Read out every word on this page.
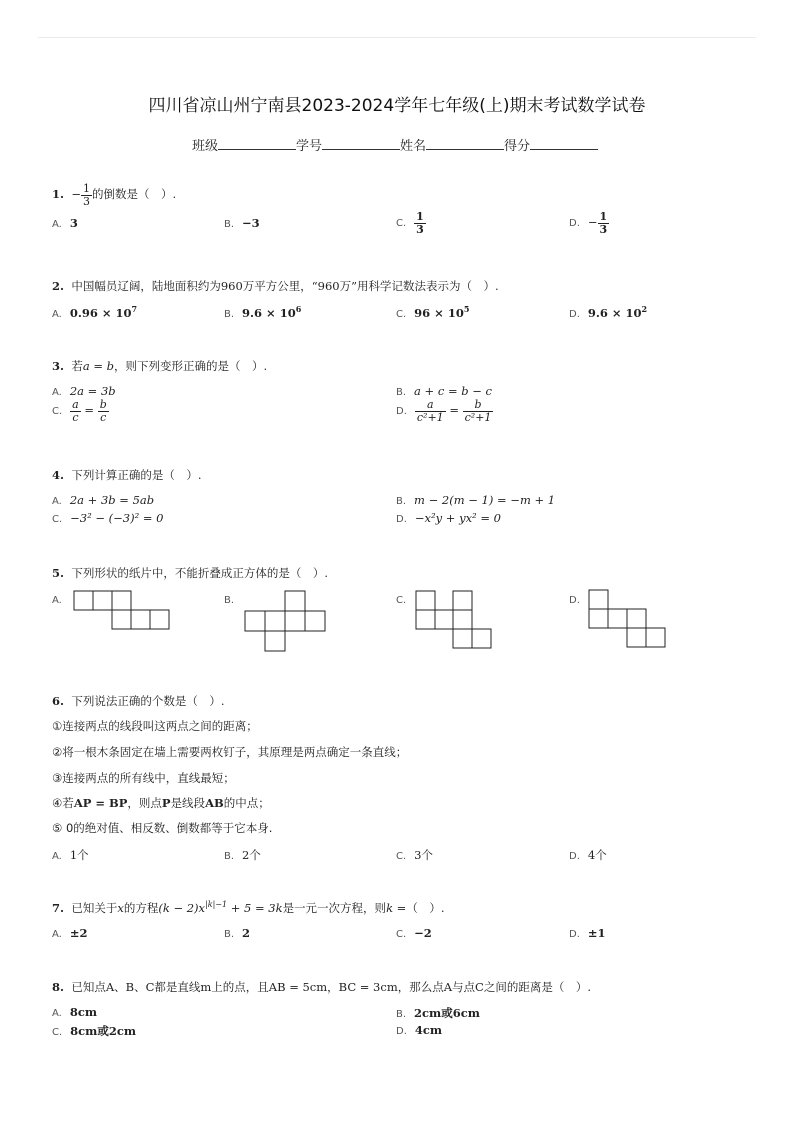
四川省凉山州宁南县2023-2024学年七年级(上)期末考试数学试卷
班级	学号	姓名	得分
1.  − $\frac{1}{3}$ 的倒数是（　）.
A. 3	B. −3	C. $\frac{1}{3}$	D. − $\frac{1}{3}$
2. 中国幅员辽阔，陆地面积约为960万平方公里，“960万”用科学记数法表示为（　）.
A. $0.96 \times 10^7$	B. $9.6 \times 10^6$	C. $96 \times 10^5$	D. $9.6 \times 10^2$
3. 若a = b，则下列变形正确的是（　）.
A. 2a = 3b	B. a + c = b − c
C. $\frac{a}{c} = \frac{b}{c}$	D. $\frac{a}{\text{c²+1}} = \frac{b}{\text{c²+1}}$
4. 下列计算正确的是（　）.
A. 2a + 3b = 5ab	B. m − 2(m − 1) = −m + 1
C. −3² − (−3)² = 0	D. −x²y + yx² = 0
5. 下列形状的纸片中，不能折叠成正方体的是（　）.
A.	B.	C.	D.
6. 下列说法正确的个数是（　）.
①连接两点的线段叫这两点之间的距离；
②将一根木条固定在墙上需要两枚钉子，其原理是两点确定一条直线；
③连接两点的所有线中，直线最短；
④若AP = BP，则点P是线段AB的中点；
⑤ 0的绝对值、相反数、倒数都等于它本身.
A. 1个	B. 2个	C. 3个	D. 4个
7. 已知关于x的方程$(k - 2)x^{|k|-1} + 5 = 3k$是一元一次方程，则k =（　）.
A. ±2	B. 2	C. −2	D. ±1
8. 已知点A、B、C都是直线m上的点，且AB = 5cm，BC = 3cm，那么点A与点C之间的距离是（　）.
A. 8cm	B. 2cm或6cm
C. 8cm或2cm	D. 4cm
